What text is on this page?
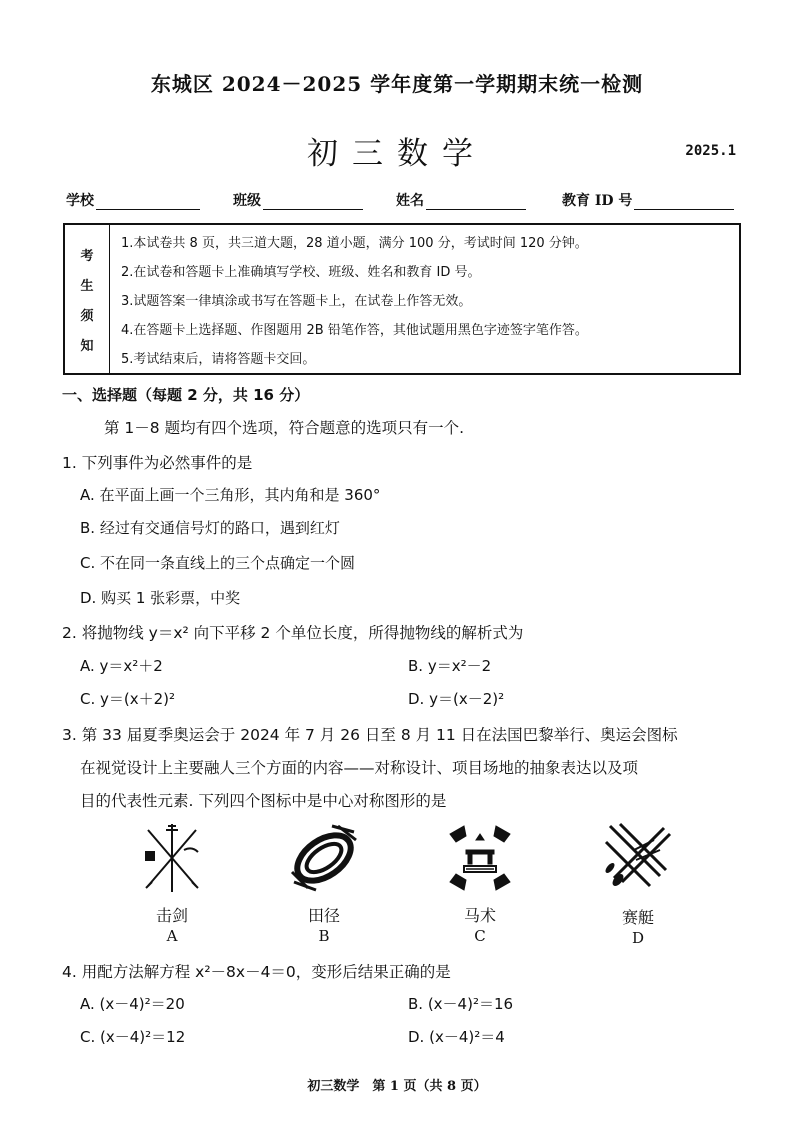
东城区 2024－2025 学年度第一学期期末统一检测
初三数学	2025.1
学校	班级	姓名	教育 ID 号
考
生
须
知
1.本试卷共 8 页，共三道大题，28 道小题，满分 100 分，考试时间 120 分钟。
2.在试卷和答题卡上准确填写学校、班级、姓名和教育 ID 号。
3.试题答案一律填涂或书写在答题卡上，在试卷上作答无效。
4.在答题卡上选择题、作图题用 2B 铅笔作答，其他试题用黑色字迹签字笔作答。
5.考试结束后，请将答题卡交回。
一、选择题（每题 2 分，共 16 分）
第 1－8 题均有四个选项，符合题意的选项只有一个.
1. 下列事件为必然事件的是
A. 在平面上画一个三角形，其内角和是 360°
B. 经过有交通信号灯的路口，遇到红灯
C. 不在同一条直线上的三个点确定一个圆
D. 购买 1 张彩票，中奖
2. 将抛物线 y＝x² 向下平移 2 个单位长度，所得抛物线的解析式为
A. y＝x²＋2	B. y＝x²－2
C. y＝(x＋2)²	D. y＝(x－2)²
3. 第 33 届夏季奥运会于 2024 年 7 月 26 日至 8 月 11 日在法国巴黎举行、奥运会图标
在视觉设计上主要融人三个方面的内容——对称设计、项目场地的抽象表达以及项
目的代表性元素. 下列四个图标中是中心对称图形的是
击剑
A
田径
B
马术
C
赛艇
D
4. 用配方法解方程 x²－8x－4＝0，变形后结果正确的是
A. (x－4)²＝20	B. (x－4)²＝16
C. (x－4)²＝12	D. (x－4)²＝4
初三数学　第 1 页（共 8 页）
